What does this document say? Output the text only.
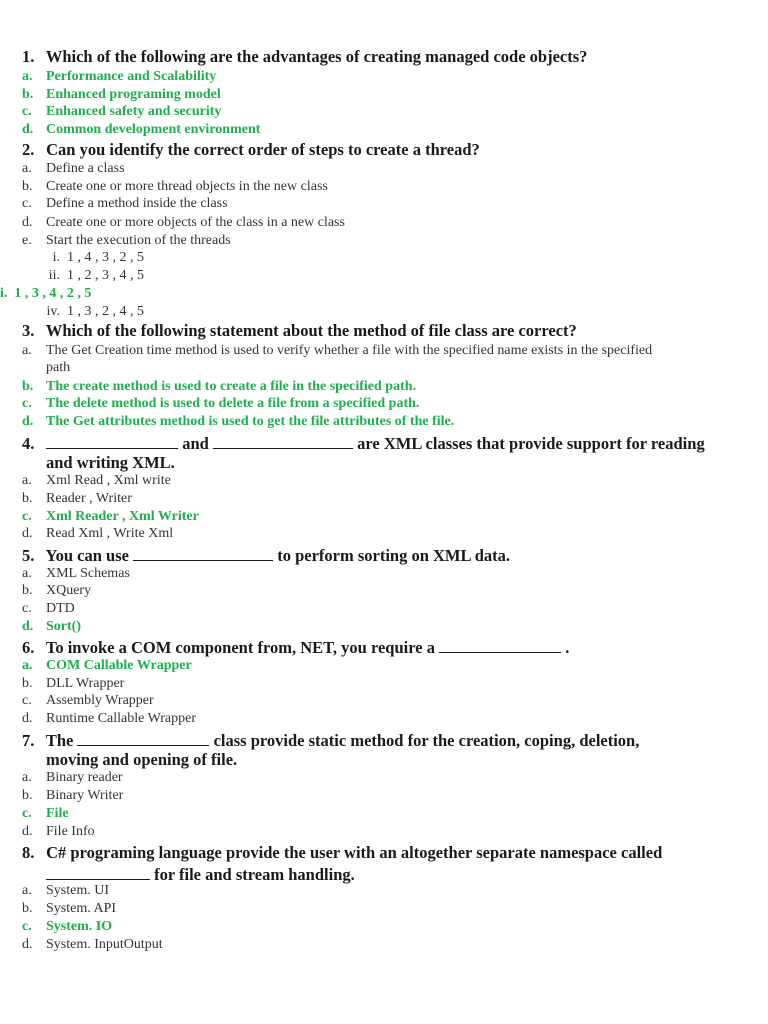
1. Which of the following are the advantages of creating managed code objects?
a. Performance and Scalability
b. Enhanced programing model
c. Enhanced safety and security
d. Common development environment
2. Can you identify the correct order of steps to create a thread?
a. Define a class
b. Create one or more thread objects in the new class
c. Define a method inside the class
d. Create one or more objects of the class in a new class
e. Start the execution of the threads
i. 1 , 4 , 3 , 2 , 5
ii. 1 , 2 , 3 , 4 , 5
i. 1 , 3 , 4 , 2 , 5
iv. 1 , 3 , 2 , 4 , 5
3. Which of the following statement about the method of file class are correct?
a. The Get Creation time method is used to verify whether a file with the specified name exists in the specified
path
b. The create method is used to create a file in the specified path.
c. The delete method is used to delete a file from a specified path.
d. The Get attributes method is used to get the file attributes of the file.
4.	and	are XML classes that provide support for reading
and writing XML.
a. Xml Read , Xml write
b. Reader , Writer
c. Xml Reader , Xml Writer
d. Read Xml , Write Xml
5. You can use	to perform sorting on XML data.
a. XML Schemas
b. XQuery
c. DTD
d. Sort()
6. To invoke a COM component from, NET, you require a	.
a. COM Callable Wrapper
b. DLL Wrapper
c. Assembly Wrapper
d. Runtime Callable Wrapper
7. The	class provide static method for the creation, coping, deletion,
moving and opening of file.
a. Binary reader
b. Binary Writer
c. File
d. File Info
8. C# programing language provide the user with an altogether separate namespace called
for file and stream handling.
a. System. UI
b. System. API
c. System. IO
d. System. InputOutput
